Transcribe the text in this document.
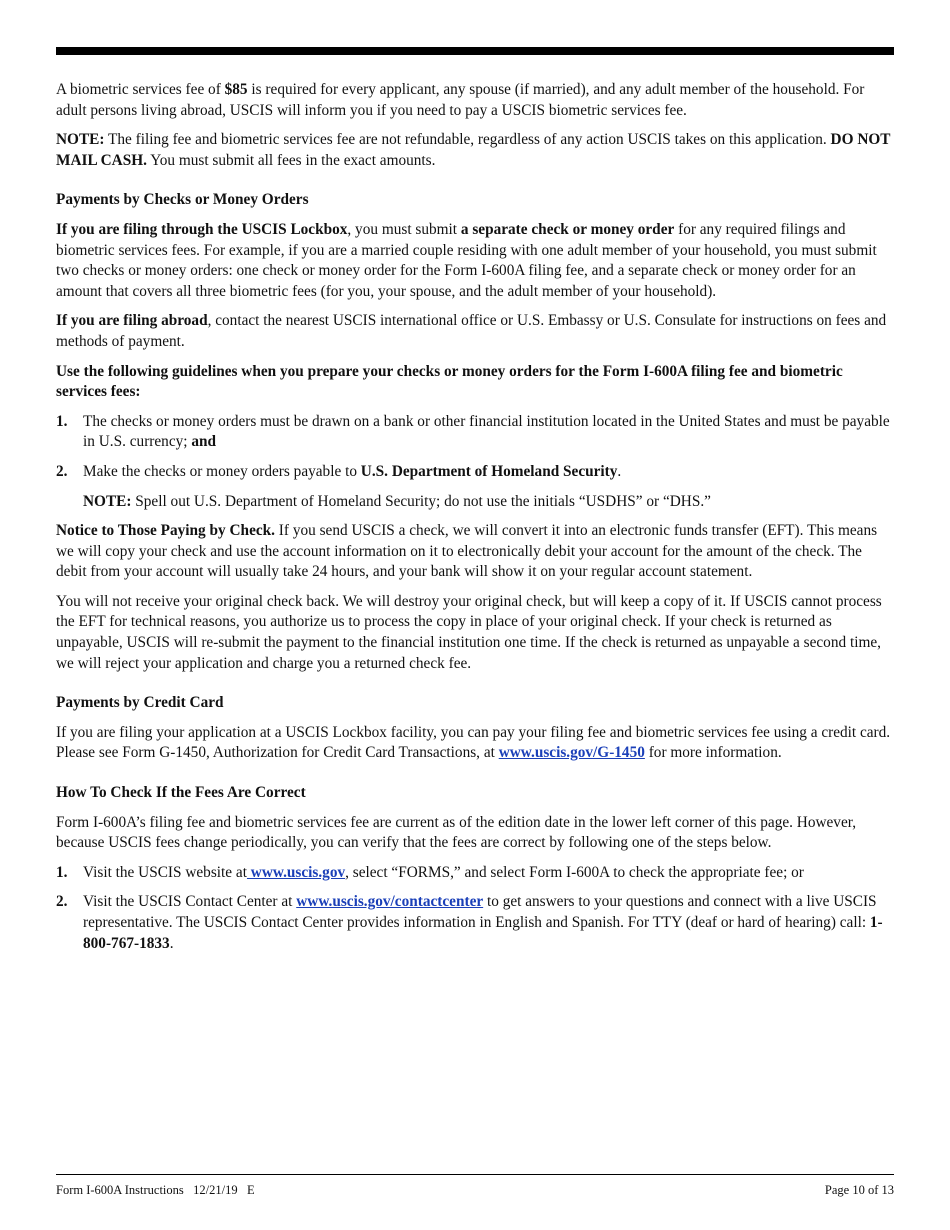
A biometric services fee of $85 is required for every applicant, any spouse (if married), and any adult member of the household. For adult persons living abroad, USCIS will inform you if you need to pay a USCIS biometric services fee.

NOTE: The filing fee and biometric services fee are not refundable, regardless of any action USCIS takes on this application. DO NOT MAIL CASH. You must submit all fees in the exact amounts.

Payments by Checks or Money Orders

If you are filing through the USCIS Lockbox, you must submit a separate check or money order for any required filings and biometric services fees. For example, if you are a married couple residing with one adult member of your household, you must submit two checks or money orders: one check or money order for the Form I-600A filing fee, and a separate check or money order for an amount that covers all three biometric fees (for you, your spouse, and the adult member of your household).

If you are filing abroad, contact the nearest USCIS international office or U.S. Embassy or U.S. Consulate for instructions on fees and methods of payment.

Use the following guidelines when you prepare your checks or money orders for the Form I-600A filing fee and biometric services fees:

1.	The checks or money orders must be drawn on a bank or other financial institution located in the United States and must be payable in U.S. currency; and
2.	Make the checks or money orders payable to U.S. Department of Homeland Security.

NOTE: Spell out U.S. Department of Homeland Security; do not use the initials “USDHS” or “DHS.”

Notice to Those Paying by Check. If you send USCIS a check, we will convert it into an electronic funds transfer (EFT). This means we will copy your check and use the account information on it to electronically debit your account for the amount of the check. The debit from your account will usually take 24 hours, and your bank will show it on your regular account statement.

You will not receive your original check back. We will destroy your original check, but will keep a copy of it. If USCIS cannot process the EFT for technical reasons, you authorize us to process the copy in place of your original check. If your check is returned as unpayable, USCIS will re-submit the payment to the financial institution one time. If the check is returned as unpayable a second time, we will reject your application and charge you a returned check fee.

Payments by Credit Card

If you are filing your application at a USCIS Lockbox facility, you can pay your filing fee and biometric services fee using a credit card. Please see Form G-1450, Authorization for Credit Card Transactions, at www.uscis.gov/G-1450 for more information.

How To Check If the Fees Are Correct

Form I-600A’s filing fee and biometric services fee are current as of the edition date in the lower left corner of this page. However, because USCIS fees change periodically, you can verify that the fees are correct by following one of the steps below.

1.	Visit the USCIS website at www.uscis.gov, select “FORMS,” and select Form I-600A to check the appropriate fee; or
2.	Visit the USCIS Contact Center at www.uscis.gov/contactcenter to get answers to your questions and connect with a live USCIS representative. The USCIS Contact Center provides information in English and Spanish. For TTY (deaf or hard of hearing) call: 1-800-767-1833.
Form I-600A Instructions   12/21/19   E	Page 10 of 13
